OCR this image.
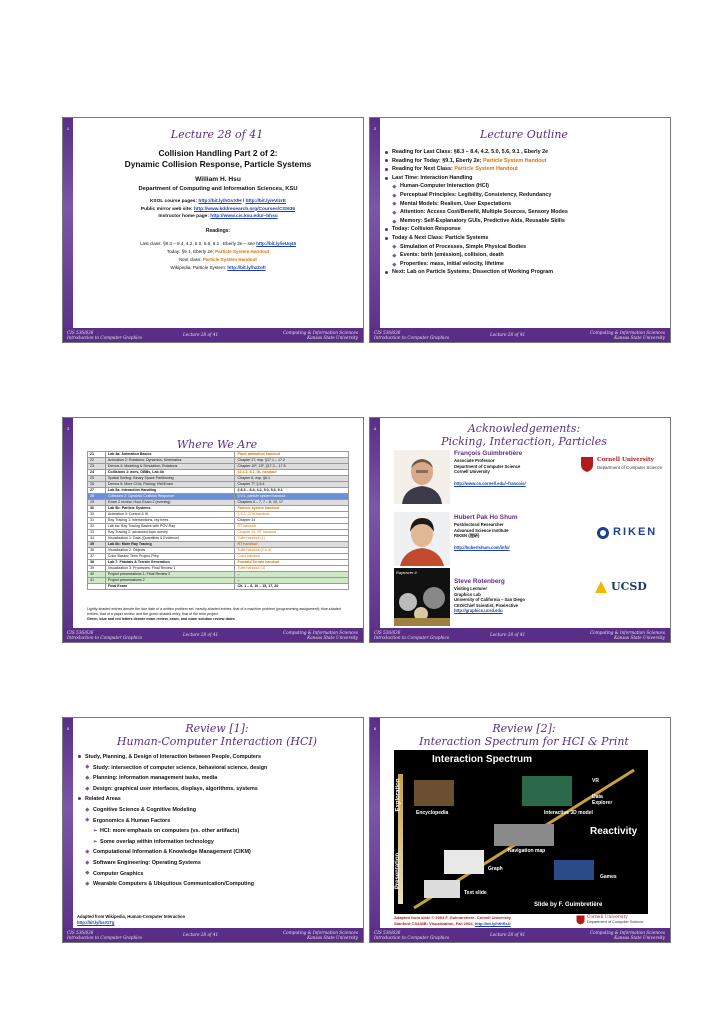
1	Lecture 28 of 41
Collision Handling Part 2 of 2:
Dynamic Collision Response, Particle Systems
William H. Hsu
Department of Computing and Information Sciences, KSU
KSOL course pages: http://bit.ly/hGvXlH / http://bit.ly/eVizrE
Public mirror web site: http://www.kddresearch.org/Courses/CIS636
Instructor home page: http://www.cis.ksu.edu/~bhsu
Readings:
Last class: §8.3 – 8.4, 4.2, 5.0, 5.6, 9.1 , Eberly 2e – see http://bit.ly/ieUq45
Today: §9.1, Eberly 2e; Particle System Handout
Next class: Particle System Handout
Wikipedia, Particle System: http://bit.ly/hzZofI
CIS 536/636
Introduction to Computer Graphics
Lecture 28 of 41	Computing & Information Sciences
Kansas State University
2	Lecture Outline
Reading for Last Class: §8.3 – 8.4, 4.2, 5.0, 5.6, 9.1 , Eberly 2e
Reading for Today: §9.1, Eberly 2e; Particle System Handout
Reading for Next Class: Particle System Handout
Last Time: Interaction Handling
Human-Computer Interaction (HCI)
Perceptual Principles: Legibility, Consistency, Redundancy
Mental Models: Realism, User Expectations
Attention: Access Cost/Benefit, Multiple Sources, Sensory Modes
Memory: Self-Explanatory GUIs, Predictive Aids, Reusable Skills
Today: Collision Response
Today & Next Class: Particle Systems
Simulation of Processes, Simple Physical Bodies
Events: birth (emission), collision, death
Properties: mass, initial velocity, lifetime
Next: Lab on Particle Systems; Dissection of Working Program
CIS 536/636
Introduction to Computer Graphics
Lecture 28 of 41	Computing & Information Sciences
Kansas State University
3
Where We Are
21	Lab 4a: Animation Basics	Flash animation handout
22	Animation 2: Rotations; Dynamics, Kinematics	Chapter 17, esp. §17.1 – 17.2
23	Demos 4: Modeling & Simulation; Rotations	Chapter 10², 13², §17.3 – 17.5
24	Collisions 1: axes, OBBs, Lab 4b	§2.4.3, 8.1, GL handout
25	Spatial Sorting: Binary Space Partitioning	Chapter 6, esp. §6.1
26	Demos 5: More CGA; Picking; HW/Exam	Chapter 7²; § 8.4
27	Lab 5a: Interaction Handling	§ 8.3 – 8.4; 4.2, 5.0, 5.6, 9.1
28	Collisions 2: Dynamic Collision Response	§ 9.1, particle system handout
29	Exam 2 review; Hour Exam 2 (evening)	Chapters 6 – 7, 7 – 8, 10, 17
30	Lab 5b: Particle Systems	Particle system handout
30	Animation 3: Control & IK	§ 5.3, CGA handout
31	Ray Tracing 1: intersections, ray trees	Chapter 14
32	Lab 6a: Ray Tracing Basics with POV-Ray	RT handout
33	Ray Tracing 2: advanced topic survey	Chapter 15, RT handout
34	Visualization 1: Data (Quantities & Evidence)	Tufte handout (1)
35	Lab 6b: More Ray Tracing	RT handout
36	Visualization 2: Objects	Tufte handout (2 & 4)
37	Color Basics; Term Project Prep	Color handout
38	Lab 7: Fractals & Terrain Generation	Fractals/Terrain handout
39	Visualization 3: Processes; Final Review 1	Tufte handout (3)
40	Project presentations 1; Final Review 2	–
41	Project presentations 2	–
	Final Exam	Ch. 1 – 8, 10 – 15, 17, 20
Lightly-shaded entries denote the due date of a written problem set, heavily-shaded entries, that of a machine problem (programming assignment); blue-shaded entries, that of a paper review, and the green-shaded entry, that of the term project
Green, blue and red letters denote exam review, exam, and exam solution review dates
CIS 536/636
Introduction to Computer Graphics
Lecture 28 of 41	Computing & Information Sciences
Kansas State University
4	Acknowledgements:
Picking, Interaction, Particles
François Guimbretière
Associate Professor
Department of Computer Science
Cornell University
http://www.cs.cornell.edu/~francois/
Cornell University
Department of Computer Science
Hubert Pak Ho Shum
Postdoctoral Researcher
Advanced Science Institute
RIKEN (理研)
http://hubertshum.com/info/
RIKEN
Raytracer II
Steve Rotenberg
Visiting Lecturer
Graphics Lab
University of California – San Diego
CEO/Chief Scientist, PixelActive
http://graphics.ucsd.edu
UCSD
CIS 536/636
Introduction to Computer Graphics
Lecture 28 of 41	Computing & Information Sciences
Kansas State University
5	Review [1]:
Human-Computer Interaction (HCI)
Study, Planning, & Design of Interaction between People, Computers
Study: intersection of computer science, behavioral science, design
Planning: information management tasks, media
Design: graphical user interfaces, displays, algorithms, systems
Related Areas
Cognitive Science & Cognitive Modeling
Ergonomics & Human Factors
➢ HCI: more emphasis on computers (vs. other artifacts)
➢ Some overlap within information technology
Computational Information & Knowledge Management (CIKM)
Software Engineering: Operating Systems
Computer Graphics
Wearable Computers & Ubiquitous Communication/Computing
Adapted from Wikipedia, Human-Computer Interaction
http://bit.ly/bsrGTg
CIS 536/636
Introduction to Computer Graphics
Lecture 28 of 41	Computing & Information Sciences
Kansas State University
6	Review [2]:
Interaction Spectrum for HCI & Print
Interaction Spectrum
Exploration
Presentation
Reactivity
VR
Data Explorer
Encyclopedia	Interactive 3D model
Navigation map
Graph
Games
Text slide
Slide by F. Guimbretière
Adapted from slide © 2004 F. Guimbretière, Cornell University
Stanford CS448B: Visualization, Fall 2004, http://bit.ly/hfhRsU
Cornell University
Department of Computer Science
CIS 536/636
Introduction to Computer Graphics
Lecture 28 of 41	Computing & Information Sciences
Kansas State University
